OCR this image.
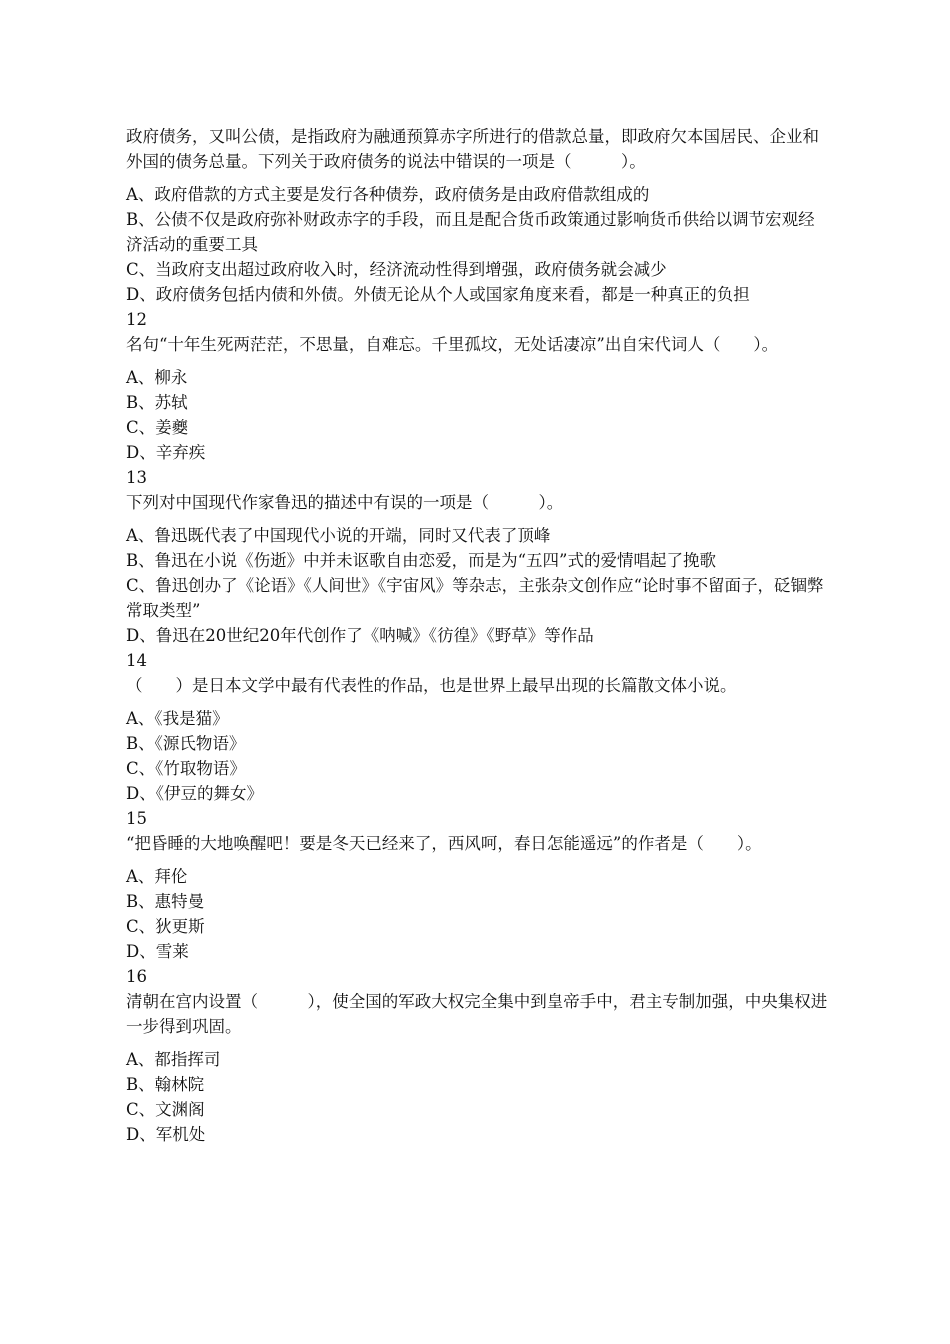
政府债务，又叫公债，是指政府为融通预算赤字所进行的借款总量，即政府欠本国居民、企业和外国的债务总量。下列关于政府债务的说法中错误的一项是（　　　）。

A、政府借款的方式主要是发行各种债券，政府债务是由政府借款组成的

B、公债不仅是政府弥补财政赤字的手段，而且是配合货币政策通过影响货币供给以调节宏观经济活动的重要工具

C、当政府支出超过政府收入时，经济流动性得到增强，政府债务就会减少

D、政府债务包括内债和外债。外债无论从个人或国家角度来看，都是一种真正的负担

12

名句“十年生死两茫茫，不思量，自难忘。千里孤坟，无处话凄凉”出自宋代词人（　　）。

A、柳永

B、苏轼

C、姜夔

D、辛弃疾

13

下列对中国现代作家鲁迅的描述中有误的一项是（　　　）。

A、鲁迅既代表了中国现代小说的开端，同时又代表了顶峰

B、鲁迅在小说《伤逝》中并未讴歌自由恋爱，而是为“五四”式的爱情唱起了挽歌

C、鲁迅创办了《论语》《人间世》《宇宙风》等杂志，主张杂文创作应“论时事不留面子，砭锢弊常取类型”

D、鲁迅在20世纪20年代创作了《呐喊》《彷徨》《野草》等作品

14

（　　）是日本文学中最有代表性的作品，也是世界上最早出现的长篇散文体小说。

A、《我是猫》

B、《源氏物语》

C、《竹取物语》

D、《伊豆的舞女》

15

“把昏睡的大地唤醒吧！要是冬天已经来了，西风呵，春日怎能遥远”的作者是（　　）。

A、拜伦

B、惠特曼

C、狄更斯

D、雪莱

16

清朝在宫内设置（　　　），使全国的军政大权完全集中到皇帝手中，君主专制加强，中央集权进一步得到巩固。

A、都指挥司

B、翰林院

C、文渊阁

D、军机处
